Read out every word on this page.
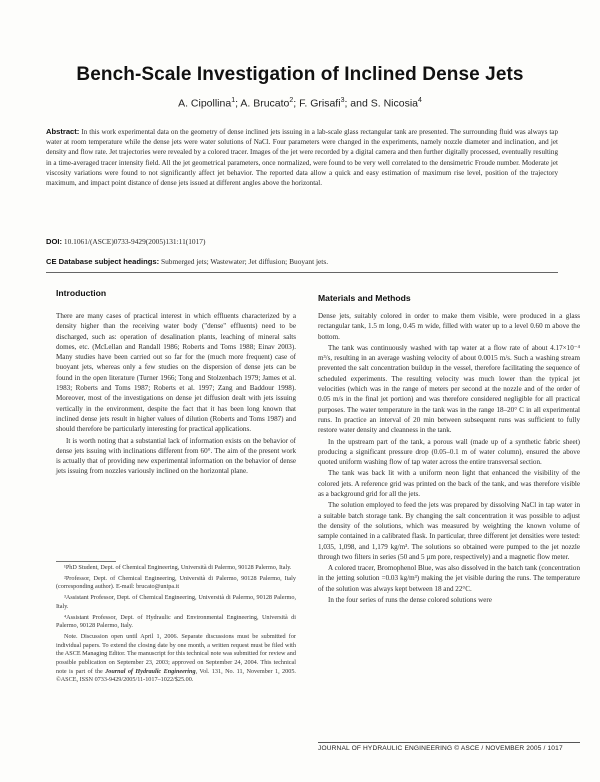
Bench-Scale Investigation of Inclined Dense Jets
A. Cipollina$^1$; A. Brucato$^2$; F. Grisafi$^3$; and S. Nicosia$^4$
Abstract: In this work experimental data on the geometry of dense inclined jets issuing in a lab-scale glass rectangular tank are presented. The surrounding fluid was always tap water at room temperature while the dense jets were water solutions of NaCl. Four parameters were changed in the experiments, namely nozzle diameter and inclination, and jet density and flow rate. Jet trajectories were revealed by a colored tracer. Images of the jet were recorded by a digital camera and then further digitally processed, eventually resulting in a time-averaged tracer intensity field. All the jet geometrical parameters, once normalized, were found to be very well correlated to the densimetric Froude number. Moderate jet viscosity variations were found to not significantly affect jet behavior. The reported data allow a quick and easy estimation of maximum rise level, position of the trajectory maximum, and impact point distance of dense jets issued at different angles above the horizontal.
DOI: 10.1061/(ASCE)0733-9429(2005)131:11(1017)
CE Database subject headings: Submerged jets; Wastewater; Jet diffusion; Buoyant jets.
Introduction

There are many cases of practical interest in which effluents characterized by a density higher than the receiving water body ("dense" effluents) need to be discharged, such as: operation of desalination plants, leaching of mineral salts domes, etc. (McLellan and Randall 1986; Roberts and Toms 1988; Einav 2003). Many studies have been carried out so far for the (much more frequent) case of buoyant jets, whereas only a few studies on the dispersion of dense jets can be found in the open literature (Turner 1966; Tong and Stolzenbach 1979; James et al. 1983; Roberts and Toms 1987; Roberts et al. 1997; Zang and Baddour 1998). Moreover, most of the investigations on dense jet diffusion dealt with jets issuing vertically in the environment, despite the fact that it has been long known that inclined dense jets result in higher values of dilution (Roberts and Toms 1987) and should therefore be particularly interesting for practical applications.

It is worth noting that a substantial lack of information exists on the behavior of dense jets issuing with inclinations different from 60°. The aim of the present work is actually that of providing new experimental information on the behavior of dense jets issuing from nozzles variously inclined on the horizontal plane.

¹PhD Student, Dept. of Chemical Engineering, Università di Palermo, 90128 Palermo, Italy.

²Professor, Dept. of Chemical Engineering, Università di Palermo, 90128 Palermo, Italy (corresponding author). E-mail: brucato@unipa.it

³Assistant Professor, Dept. of Chemical Engineering, Università di Palermo, 90128 Palermo, Italy.

⁴Assistant Professor, Dept. of Hydraulic and Environmental Engineering, Università di Palermo, 90128 Palermo, Italy.

Note. Discussion open until April 1, 2006. Separate discussions must be submitted for individual papers. To extend the closing date by one month, a written request must be filed with the ASCE Managing Editor. The manuscript for this technical note was submitted for review and possible publication on September 23, 2003; approved on September 24, 2004. This technical note is part of the Journal of Hydraulic Engineering, Vol. 131, No. 11, November 1, 2005. ©ASCE, ISSN 0733-9429/2005/11-1017–1022/$25.00.

Materials and Methods

Dense jets, suitably colored in order to make them visible, were produced in a glass rectangular tank, 1.5 m long, 0.45 m wide, filled with water up to a level 0.60 m above the bottom.

The tank was continuously washed with tap water at a flow rate of about 4.17×10⁻⁴ m³/s, resulting in an average washing velocity of about 0.0015 m/s. Such a washing stream prevented the salt concentration buildup in the vessel, therefore facilitating the sequence of scheduled experiments. The resulting velocity was much lower than the typical jet velocities (which was in the range of meters per second at the nozzle and of the order of 0.05 m/s in the final jet portion) and was therefore considered negligible for all practical purposes. The water temperature in the tank was in the range 18–20° C in all experimental runs. In practice an interval of 20 min between subsequent runs was sufficient to fully restore water density and cleanness in the tank.

In the upstream part of the tank, a porous wall (made up of a synthetic fabric sheet) producing a significant pressure drop (0.05–0.1 m of water column), ensured the above quoted uniform washing flow of tap water across the entire transversal section.

The tank was back lit with a uniform neon light that enhanced the visibility of the colored jets. A reference grid was printed on the back of the tank, and was therefore visible as a background grid for all the jets.

The solution employed to feed the jets was prepared by dissolving NaCl in tap water in a suitable batch storage tank. By changing the salt concentration it was possible to adjust the density of the solutions, which was measured by weighting the known volume of sample contained in a calibrated flask. In particular, three different jet densities were tested: 1,035, 1,098, and 1,179 kg/m³. The solutions so obtained were pumped to the jet nozzle through two filters in series (50 and 5 µm pore, respectively) and a magnetic flow meter.

A colored tracer, Bromophenol Blue, was also dissolved in the batch tank (concentration in the jetting solution =0.03 kg/m³) making the jet visible during the runs. The temperature of the solution was always kept between 18 and 22°C.

In the four series of runs the dense colored solutions were

JOURNAL OF HYDRAULIC ENGINEERING © ASCE / NOVEMBER 2005 / 1017
